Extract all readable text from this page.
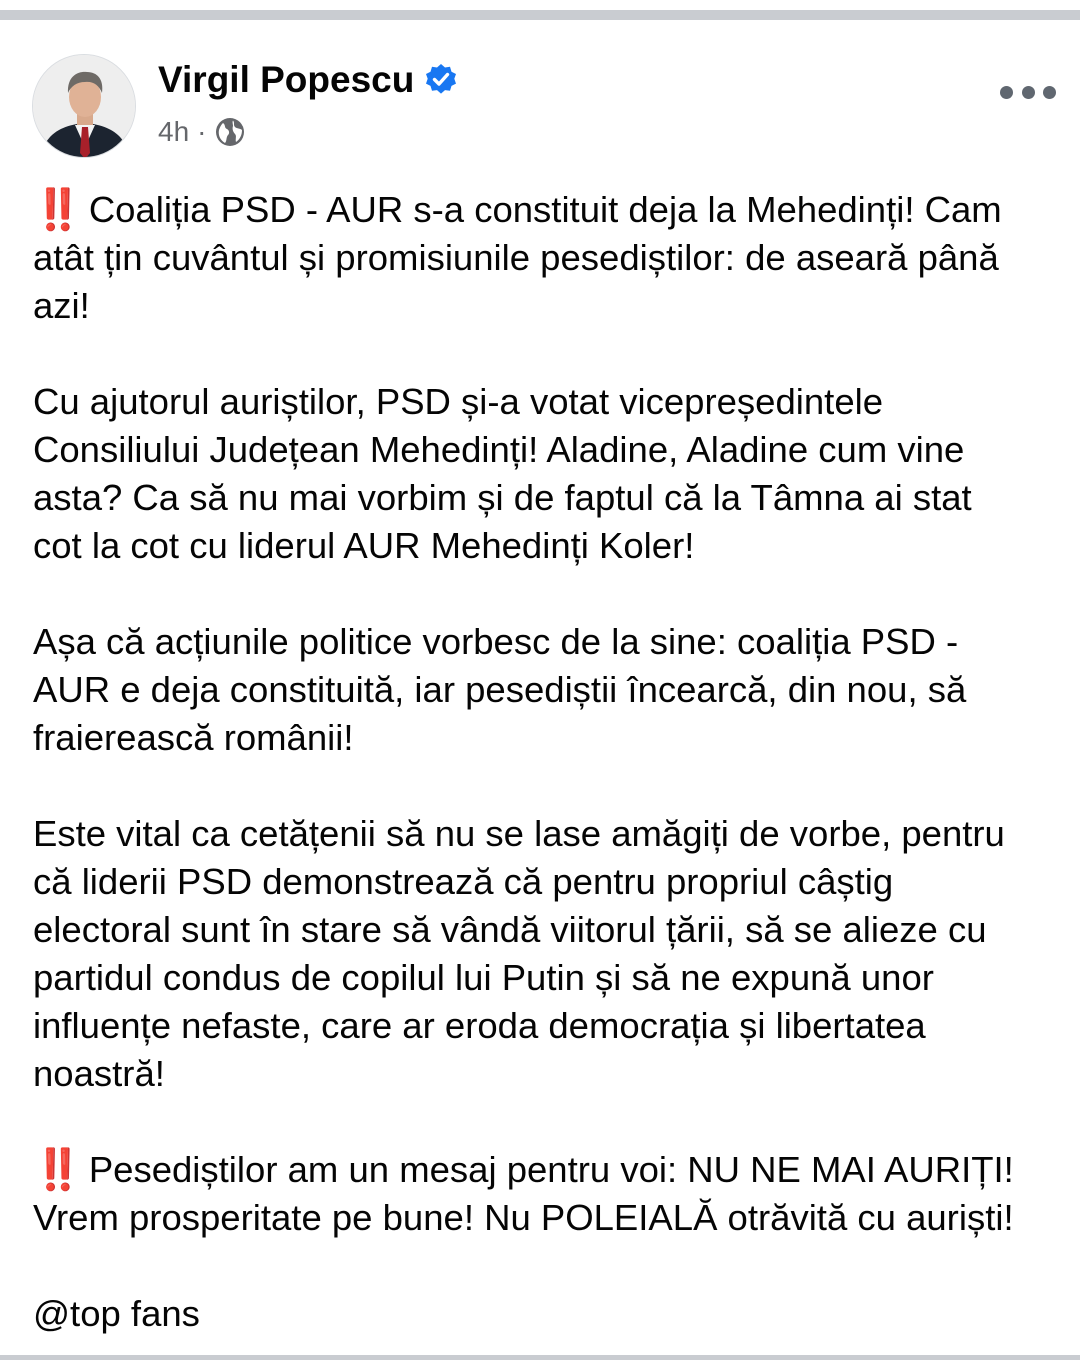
Virgil Popescu
4h ·
‼️ Coaliția PSD - AUR s-a constituit deja la Mehedinți! Cam
atât țin cuvântul și promisiunile pesediștilor: de aseară până
azi!
Cu ajutorul auriștilor, PSD și-a votat vicepreședintele
Consiliului Județean Mehedinți! Aladine, Aladine cum vine
asta? Ca să nu mai vorbim și de faptul că la Tâmna ai stat
cot la cot cu liderul AUR Mehedinți Koler!
Așa că acțiunile politice vorbesc de la sine: coaliția PSD -
AUR e deja constituită, iar pesediștii încearcă, din nou, să
fraierească românii!
Este vital ca cetățenii să nu se lase amăgiți de vorbe, pentru
că liderii PSD demonstrează că pentru propriul câștig
electoral sunt în stare să vândă viitorul țării, să se alieze cu
partidul condus de copilul lui Putin și să ne expună unor
influențe nefaste, care ar eroda democrația și libertatea
noastră!
‼️ Pesediștilor am un mesaj pentru voi: NU NE MAI AURIȚI!
Vrem prosperitate pe bune! Nu POLEIALĂ otrăvită cu auriști!
@top fans
